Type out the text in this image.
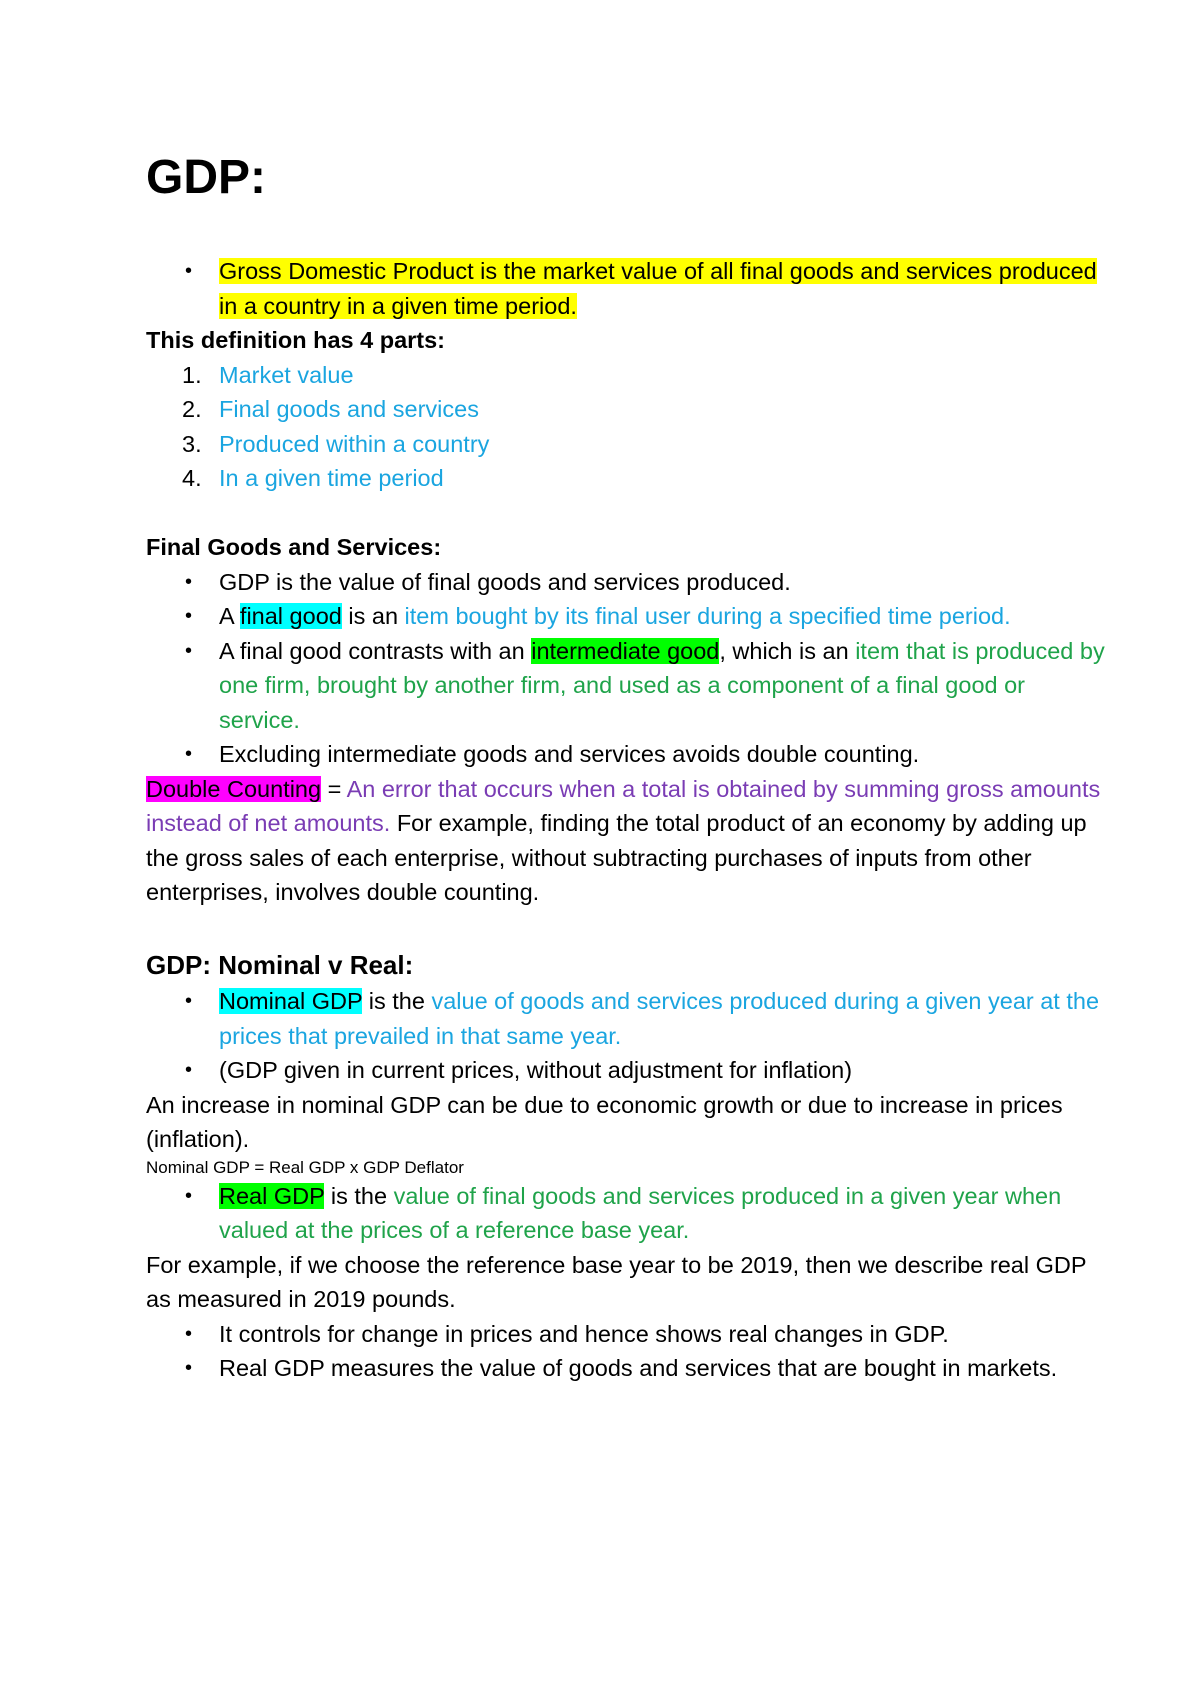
GDP:
• Gross Domestic Product is the market value of all final goods and services produced in a country in a given time period.
This definition has 4 parts:
1. Market value
2. Final goods and services
3. Produced within a country
4. In a given time period
Final Goods and Services:
• GDP is the value of final goods and services produced.
• A final good is an item bought by its final user during a specified time period.
• A final good contrasts with an intermediate good, which is an item that is produced by one firm, brought by another firm, and used as a component of a final good or service.
• Excluding intermediate goods and services avoids double counting.
Double Counting = An error that occurs when a total is obtained by summing gross amounts instead of net amounts. For example, finding the total product of an economy by adding up the gross sales of each enterprise, without subtracting purchases of inputs from other enterprises, involves double counting.
GDP: Nominal v Real:
• Nominal GDP is the value of goods and services produced during a given year at the prices that prevailed in that same year.
• (GDP given in current prices, without adjustment for inflation)
An increase in nominal GDP can be due to economic growth or due to increase in prices (inflation).
Nominal GDP = Real GDP x GDP Deflator
• Real GDP is the value of final goods and services produced in a given year when valued at the prices of a reference base year.
For example, if we choose the reference base year to be 2019, then we describe real GDP as measured in 2019 pounds.
• It controls for change in prices and hence shows real changes in GDP.
• Real GDP measures the value of goods and services that are bought in markets.
